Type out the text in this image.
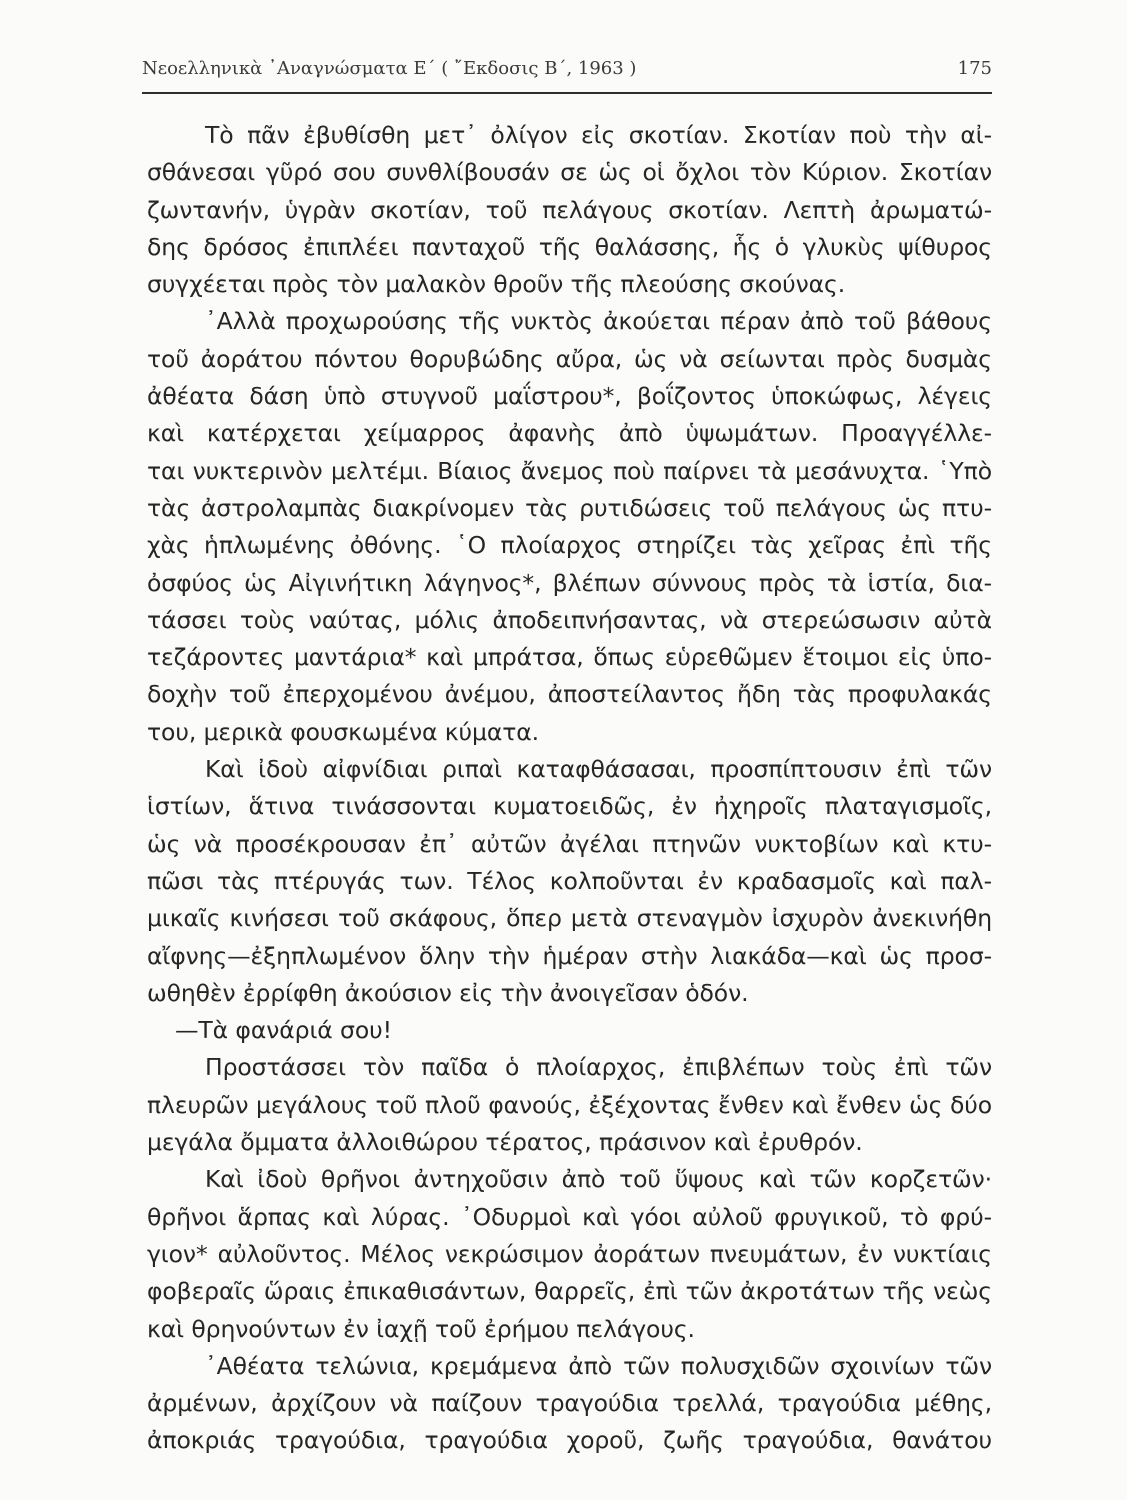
Νεοελληνικὰ ᾿Αναγνώσματα Ε΄ ( ῎Εκδοσις Β΄, 1963 )	175
Τὸ πᾶν ἐβυθίσθη μετ᾿ ὀλίγον εἰς σκοτίαν. Σκοτίαν ποὺ τὴν αἰ-
σθάνεσαι γῦρό σου συνθλίβουσάν σε ὡς οἱ ὄχλοι τὸν Κύριον. Σκοτίαν
ζωντανήν, ὑγρὰν σκοτίαν, τοῦ πελάγους σκοτίαν. Λεπτὴ ἀρωματώ-
δης δρόσος ἐπιπλέει πανταχοῦ τῆς θαλάσσης, ἧς ὁ γλυκὺς ψίθυρος
συγχέεται πρὸς τὸν μαλακὸν θροῦν τῆς πλεούσης σκούνας.
᾿Αλλὰ προχωρούσης τῆς νυκτὸς ἀκούεται πέραν ἀπὸ τοῦ βάθους
τοῦ ἀοράτου πόντου θορυβώδης αὔρα, ὡς νὰ σείωνται πρὸς δυσμὰς
ἀθέατα δάση ὑπὸ στυγνοῦ μαΐστρου*, βοΐζοντος ὑποκώφως, λέγεις
καὶ κατέρχεται χείμαρρος ἀφανὴς ἀπὸ ὑψωμάτων. Προαγγέλλε-
ται νυκτερινὸν μελτέμι. Βίαιος ἄνεμος ποὺ παίρνει τὰ μεσάνυχτα. ῾Υπὸ
τὰς ἀστρολαμπὰς διακρίνομεν τὰς ρυτιδώσεις τοῦ πελάγους ὡς πτυ-
χὰς ἡπλωμένης ὀθόνης. ῾Ο πλοίαρχος στηρίζει τὰς χεῖρας ἐπὶ τῆς
ὀσφύος ὡς Αἰγινήτικη λάγηνος*, βλέπων σύννους πρὸς τὰ ἱστία, δια-
τάσσει τοὺς ναύτας, μόλις ἀποδειπνήσαντας, νὰ στερεώσωσιν αὐτὰ
τεζάροντες μαντάρια* καὶ μπράτσα, ὅπως εὑρεθῶμεν ἕτοιμοι εἰς ὑπο-
δοχὴν τοῦ ἐπερχομένου ἀνέμου, ἀποστείλαντος ἤδη τὰς προφυλακάς
του, μερικὰ φουσκωμένα κύματα.
Καὶ ἰδοὺ αἰφνίδιαι ριπαὶ καταφθάσασαι, προσπίπτουσιν ἐπὶ τῶν
ἱστίων, ἅτινα τινάσσονται κυματοειδῶς, ἐν ἠχηροῖς πλαταγισμοῖς,
ὡς νὰ προσέκρουσαν ἐπ᾿ αὐτῶν ἀγέλαι πτηνῶν νυκτοβίων καὶ κτυ-
πῶσι τὰς πτέρυγάς των. Τέλος κολποῦνται ἐν κραδασμοῖς καὶ παλ-
μικαῖς κινήσεσι τοῦ σκάφους, ὅπερ μετὰ στεναγμὸν ἰσχυρὸν ἀνεκινήθη
αἴφνης—ἐξηπλωμένον ὅλην τὴν ἡμέραν στὴν λιακάδα—καὶ ὡς προσ-
ωθηθὲν ἐρρίφθη ἀκούσιον εἰς τὴν ἀνοιγεῖσαν ὁδόν.
—Τὰ φανάριά σου!
Προστάσσει τὸν παῖδα ὁ πλοίαρχος, ἐπιβλέπων τοὺς ἐπὶ τῶν
πλευρῶν μεγάλους τοῦ πλοῦ φανούς, ἐξέχοντας ἔνθεν καὶ ἔνθεν ὡς δύο
μεγάλα ὄμματα ἀλλοιθώρου τέρατος, πράσινον καὶ ἐρυθρόν.
Καὶ ἰδοὺ θρῆνοι ἀντηχοῦσιν ἀπὸ τοῦ ὕψους καὶ τῶν κορζετῶν·
θρῆνοι ἅρπας καὶ λύρας. ᾿Οδυρμοὶ καὶ γόοι αὐλοῦ φρυγικοῦ, τὸ φρύ-
γιον* αὐλοῦντος. Μέλος νεκρώσιμον ἀοράτων πνευμάτων, ἐν νυκτίαις
φοβεραῖς ὥραις ἐπικαθισάντων, θαρρεῖς, ἐπὶ τῶν ἀκροτάτων τῆς νεὼς
καὶ θρηνούντων ἐν ἰαχῇ τοῦ ἐρήμου πελάγους.
᾿Αθέατα τελώνια, κρεμάμενα ἀπὸ τῶν πολυσχιδῶν σχοινίων τῶν
ἀρμένων, ἀρχίζουν νὰ παίζουν τραγούδια τρελλά, τραγούδια μέθης,
ἀποκριάς τραγούδια, τραγούδια χοροῦ, ζωῆς τραγούδια, θανάτου
